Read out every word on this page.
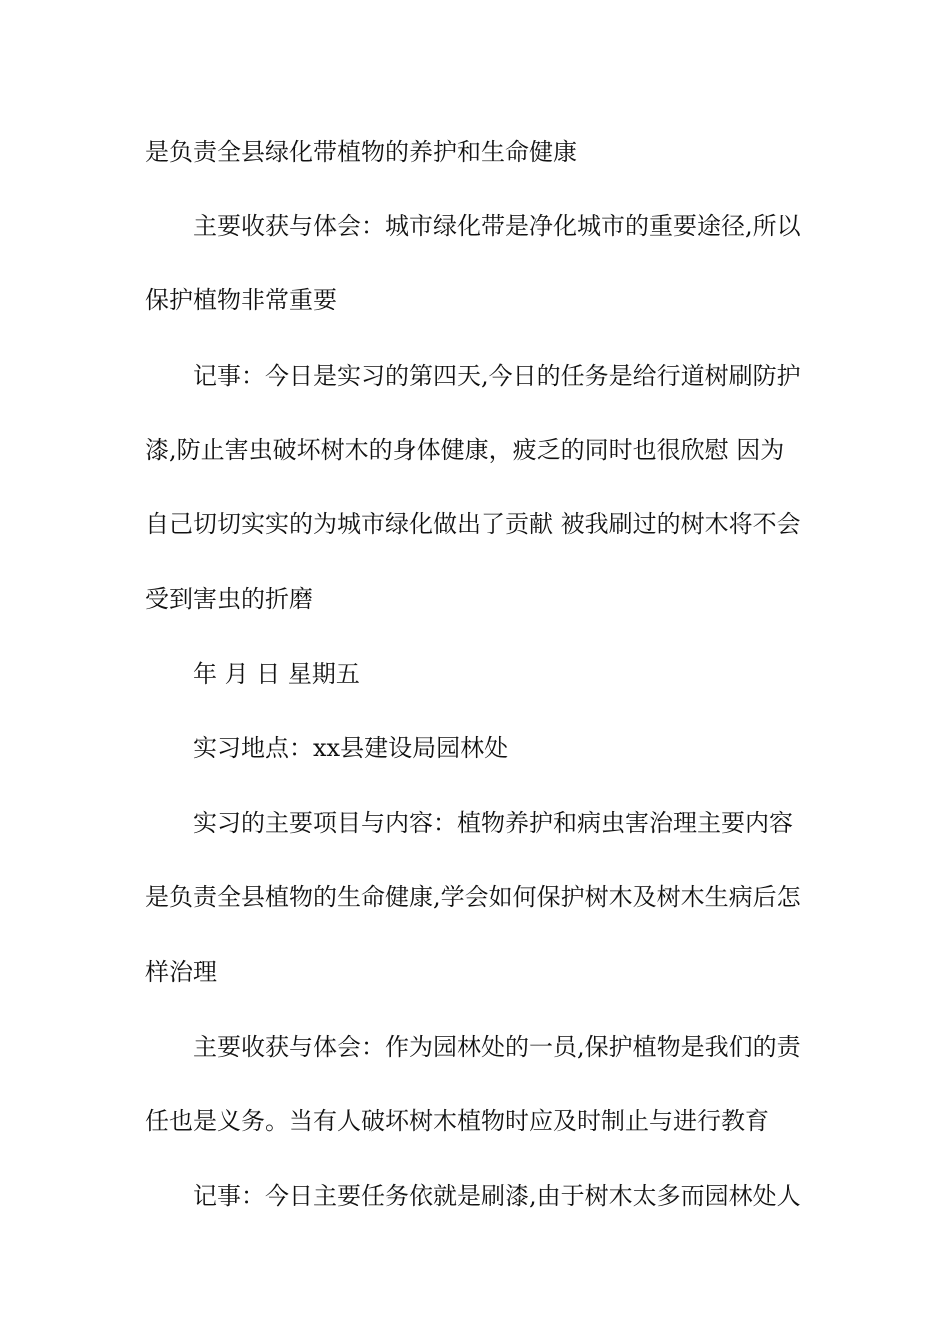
是负责全县绿化带植物的养护和生命健康
主要收获与体会：城市绿化带是净化城市的重要途径,所以
保护植物非常重要
记事：今日是实习的第四天,今日的任务是给行道树刷防护
漆,防止害虫破坏树木的身体健康，疲乏的同时也很欣慰 因为
自己切切实实的为城市绿化做出了贡献 被我刷过的树木将不会
受到害虫的折磨
年 月 日 星期五
实习地点：xx县建设局园林处
实习的主要项目与内容：植物养护和病虫害治理主要内容
是负责全县植物的生命健康,学会如何保护树木及树木生病后怎
样治理
主要收获与体会：作为园林处的一员,保护植物是我们的责
任也是义务。当有人破坏树木植物时应及时制止与进行教育
记事：今日主要任务依就是刷漆,由于树木太多而园林处人
